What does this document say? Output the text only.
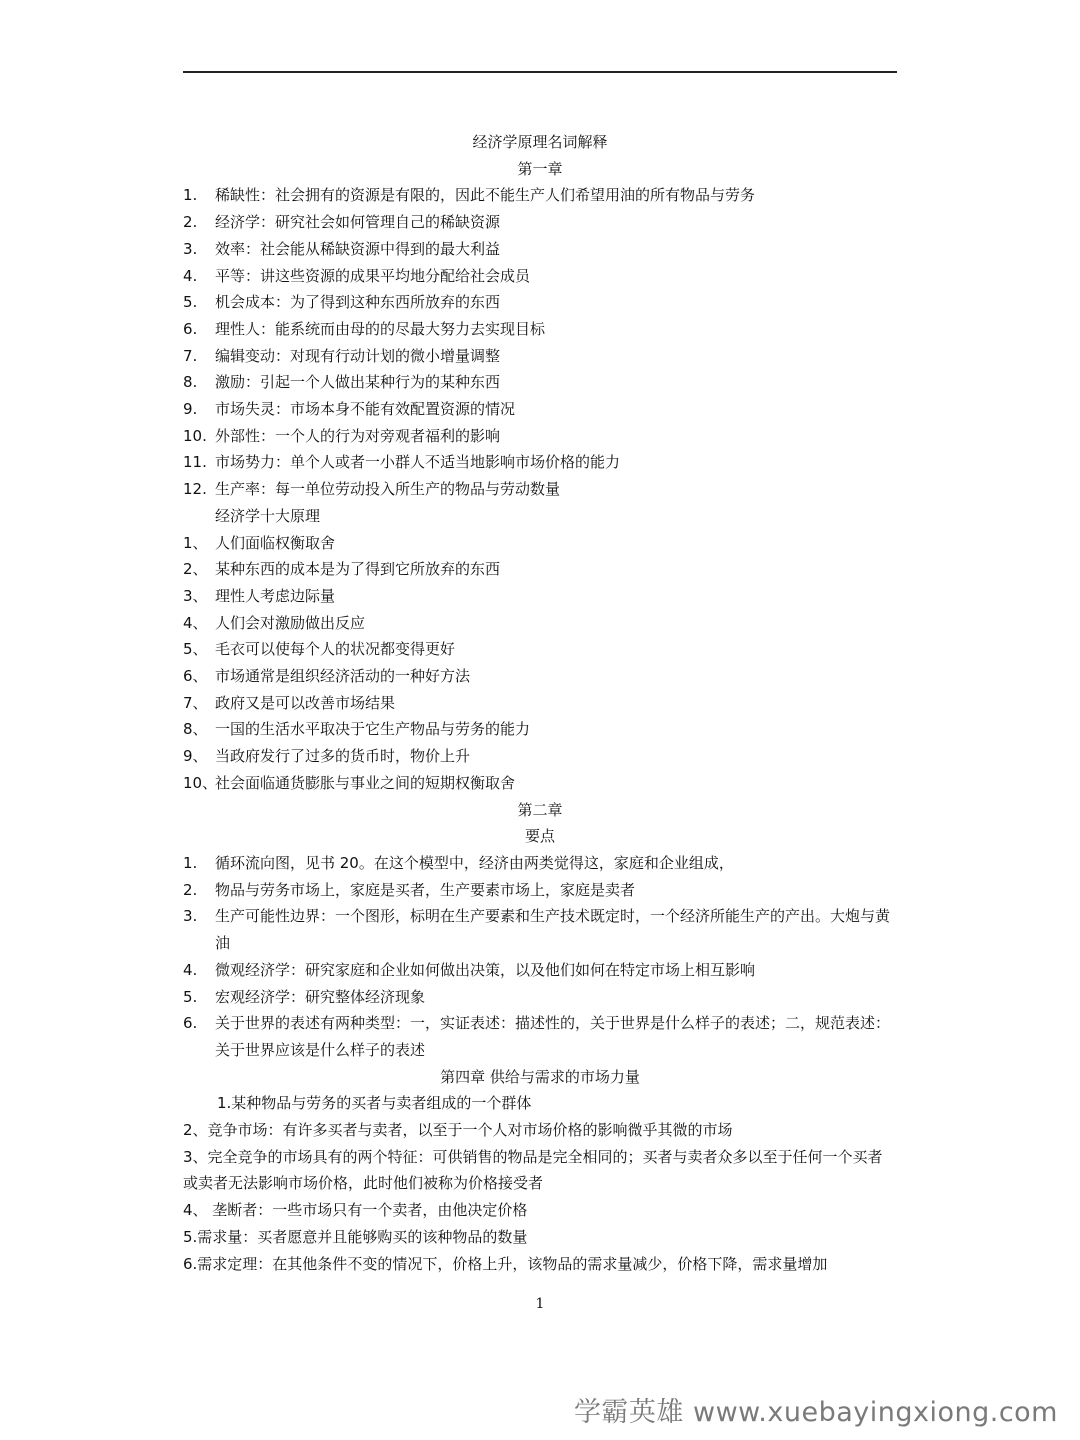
经济学原理名词解释
第一章
1.	稀缺性：社会拥有的资源是有限的，因此不能生产人们希望用油的所有物品与劳务
2.	经济学：研究社会如何管理自己的稀缺资源
3.	效率：社会能从稀缺资源中得到的最大利益
4.	平等：讲这些资源的成果平均地分配给社会成员
5.	机会成本：为了得到这种东西所放弃的东西
6.	理性人：能系统而由母的的尽最大努力去实现目标
7.	编辑变动：对现有行动计划的微小增量调整
8.	激励：引起一个人做出某种行为的某种东西
9.	市场失灵：市场本身不能有效配置资源的情况
10. 外部性：一个人的行为对旁观者福利的影响
11. 市场势力：单个人或者一小群人不适当地影响市场价格的能力
12. 生产率：每一单位劳动投入所生产的物品与劳动数量
经济学十大原理
1、 人们面临权衡取舍
2、 某种东西的成本是为了得到它所放弃的东西
3、 理性人考虑边际量
4、 人们会对激励做出反应
5、 毛衣可以使每个人的状况都变得更好
6、 市场通常是组织经济活动的一种好方法
7、 政府又是可以改善市场结果
8、 一国的生活水平取决于它生产物品与劳务的能力
9、 当政府发行了过多的货币时，物价上升
10、
社会面临通货膨胀与事业之间的短期权衡取舍
第二章
要点
1.	循环流向图，见书 20。在这个模型中，经济由两类觉得这，家庭和企业组成，
2.	物品与劳务市场上，家庭是买者，生产要素市场上，家庭是卖者
3.	生产可能性边界：一个图形，标明在生产要素和生产技术既定时，一个经济所能生产的产出。大炮与黄油
4.	微观经济学：研究家庭和企业如何做出决策，以及他们如何在特定市场上相互影响
5.	宏观经济学：研究整体经济现象
6.	关于世界的表述有两种类型：一，实证表述：描述性的，关于世界是什么样子的表述；二，规范表述：关于世界应该是什么样子的表述
第四章 供给与需求的市场力量
1.某种物品与劳务的买者与卖者组成的一个群体
2、竞争市场：有许多买者与卖者，以至于一个人对市场价格的影响微乎其微的市场
3、完全竞争的市场具有的两个特征：可供销售的物品是完全相同的；买者与卖者众多以至于任何一个买者或卖者无法影响市场价格，此时他们被称为价格接受者
4、 垄断者：一些市场只有一个卖者，由他决定价格
5.需求量：买者愿意并且能够购买的该种物品的数量
6.需求定理：在其他条件不变的情况下，价格上升，该物品的需求量减少，价格下降，需求量增加
1
学霸英雄 www.xuebayingxiong.com
